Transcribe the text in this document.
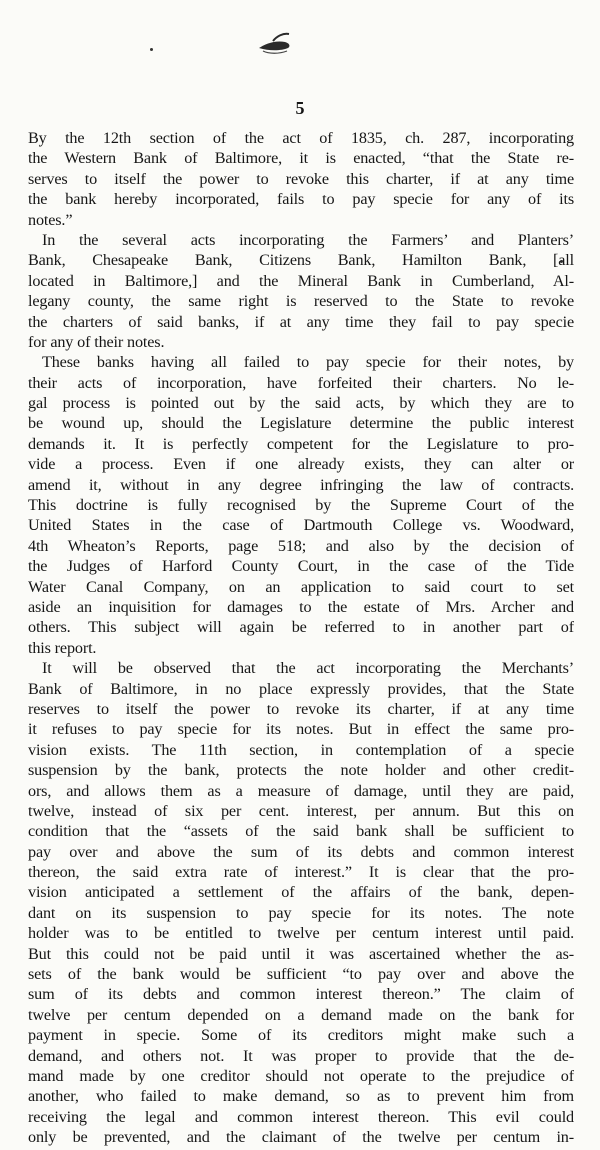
5
By the 12th section of the act of 1835, ch. 287, incorporating
the Western Bank of Baltimore, it is enacted, “that the State re-
serves to itself the power to revoke this charter, if at any time
the bank hereby incorporated, fails to pay specie for any of its
notes.”
In the several acts incorporating the Farmers’ and Planters’
Bank, Chesapeake Bank, Citizens Bank, Hamilton Bank, [all
located in Baltimore,] and the Mineral Bank in Cumberland, Al-
legany county, the same right is reserved to the State to revoke
the charters of said banks, if at any time they fail to pay specie
for any of their notes.
These banks having all failed to pay specie for their notes, by
their acts of incorporation, have forfeited their charters. No le-
gal process is pointed out by the said acts, by which they are to
be wound up, should the Legislature determine the public interest
demands it. It is perfectly competent for the Legislature to pro-
vide a process. Even if one already exists, they can alter or
amend it, without in any degree infringing the law of contracts.
This doctrine is fully recognised by the Supreme Court of the
United States in the case of Dartmouth College vs. Woodward,
4th Wheaton’s Reports, page 518; and also by the decision of
the Judges of Harford County Court, in the case of the Tide
Water Canal Company, on an application to said court to set
aside an inquisition for damages to the estate of Mrs. Archer and
others. This subject will again be referred to in another part of
this report.
It will be observed that the act incorporating the Merchants’
Bank of Baltimore, in no place expressly provides, that the State
reserves to itself the power to revoke its charter, if at any time
it refuses to pay specie for its notes. But in effect the same pro-
vision exists. The 11th section, in contemplation of a specie
suspension by the bank, protects the note holder and other credit-
ors, and allows them as a measure of damage, until they are paid,
twelve, instead of six per cent. interest, per annum. But this on
condition that the “assets of the said bank shall be sufficient to
pay over and above the sum of its debts and common interest
thereon, the said extra rate of interest.” It is clear that the pro-
vision anticipated a settlement of the affairs of the bank, depen-
dant on its suspension to pay specie for its notes. The note
holder was to be entitled to twelve per centum interest until paid.
But this could not be paid until it was ascertained whether the as-
sets of the bank would be sufficient “to pay over and above the
sum of its debts and common interest thereon.” The claim of
twelve per centum depended on a demand made on the bank for
payment in specie. Some of its creditors might make such a
demand, and others not. It was proper to provide that the de-
mand made by one creditor should not operate to the prejudice of
another, who failed to make demand, so as to prevent him from
receiving the legal and common interest thereon. This evil could
only be prevented, and the claimant of the twelve per centum in-
